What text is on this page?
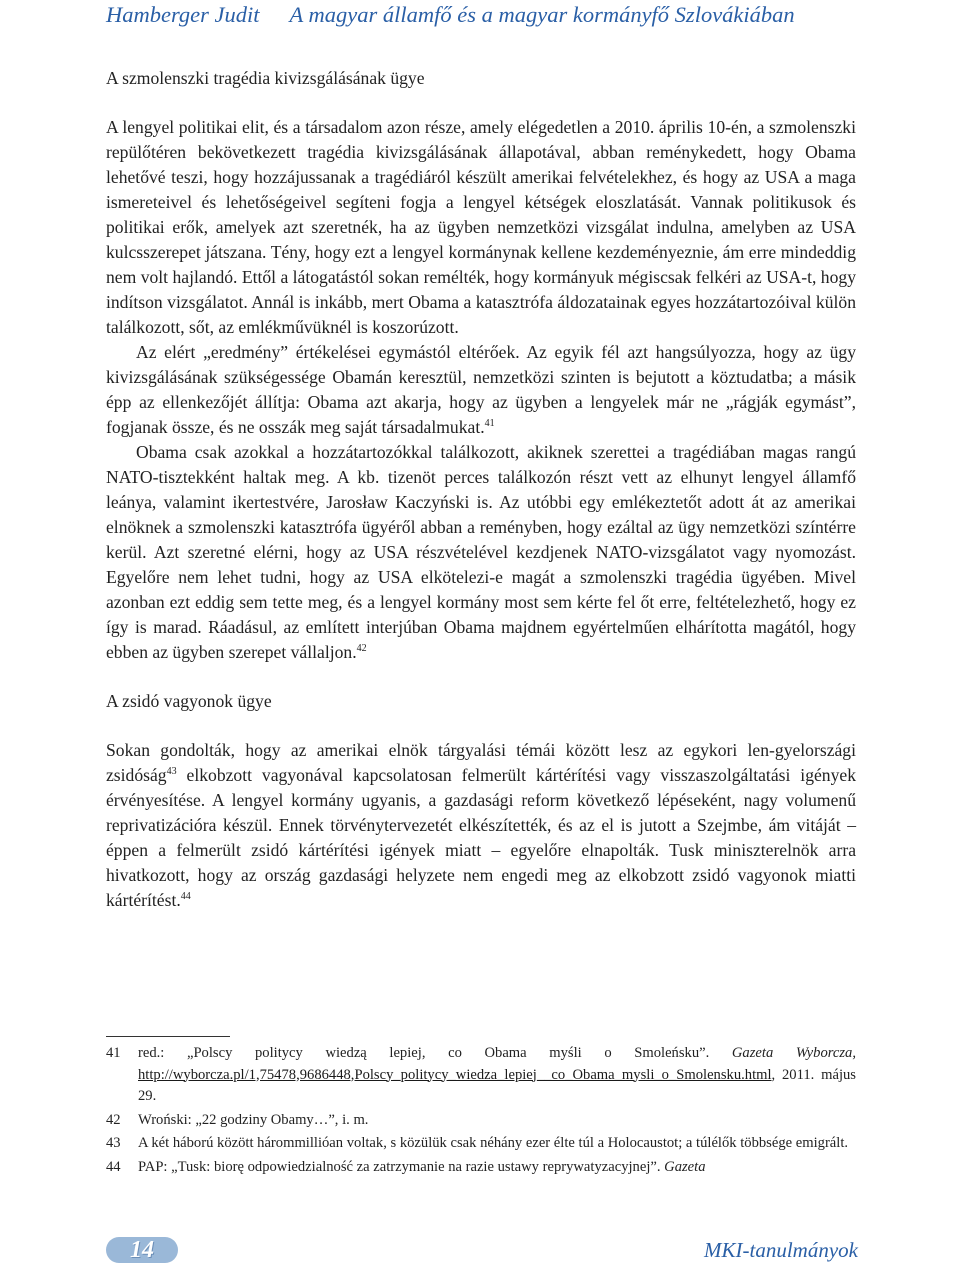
Hamberger Judit A magyar államfő és a magyar kormányfő Szlovákiában
A szmolenszki tragédia kivizsgálásának ügye

A lengyel politikai elit, és a társadalom azon része, amely elégedetlen a 2010. április 10-én, a szmolenszki repülőtéren bekövetkezett tragédia kivizsgálásának állapotával, abban reménykedett, hogy Obama lehetővé teszi, hogy hozzájussanak a tragédiáról készült amerikai felvételekhez, és hogy az USA a maga ismereteivel és lehetőségeivel segíteni fogja a lengyel kétségek eloszlatását. Vannak politikusok és politikai erők, amelyek azt szeretnék, ha az ügyben nemzetközi vizsgálat indulna, amelyben az USA kulcsszerepet játszana. Tény, hogy ezt a lengyel kormánynak kellene kezdeményeznie, ám erre mindeddig nem volt hajlandó. Ettől a látogatástól sokan remélték, hogy kormányuk mégiscsak felkéri az USA-t, hogy indítson vizsgálatot. Annál is inkább, mert Obama a katasztrófa áldozatainak egyes hozzátartozóival külön találkozott, sőt, az emlékművüknél is koszorúzott.

Az elért „eredmény” értékelései egymástól eltérőek. Az egyik fél azt hangsúlyozza, hogy az ügy kivizsgálásának szükségessége Obamán keresztül, nemzetközi szinten is bejutott a köztudatba; a másik épp az ellenkezőjét állítja: Obama azt akarja, hogy az ügyben a lengyelek már ne „rágják egymást”, fogjanak össze, és ne osszák meg saját társadalmukat.$^{41}$

Obama csak azokkal a hozzátartozókkal találkozott, akiknek szerettei a tragédiában magas rangú NATO-tisztekként haltak meg. A kb. tizenöt perces találkozón részt vett az elhunyt lengyel államfő leánya, valamint ikertestvére, Jarosław Kaczyński is. Az utóbbi egy emlékeztetőt adott át az amerikai elnöknek a szmolenszki katasztrófa ügyéről abban a reményben, hogy ezáltal az ügy nemzetközi színtérre kerül. Azt szeretné elérni, hogy az USA részvételével kezdjenek NATO-vizsgálatot vagy nyomozást. Egyelőre nem lehet tudni, hogy az USA elkötelezi-e magát a szmolenszki tragédia ügyében. Mivel azonban ezt eddig sem tette meg, és a lengyel kormány most sem kérte fel őt erre, feltételezhető, hogy ez így is marad. Ráadásul, az említett interjúban Obama majdnem egyértelműen elhárította magától, hogy ebben az ügyben szerepet vállaljon.$^{42}$

A zsidó vagyonok ügye

Sokan gondolták, hogy az amerikai elnök tárgyalási témái között lesz az egykori len-gyelországi zsidóság$^{43}$ elkobzott vagyonával kapcsolatosan felmerült kártérítési vagy visszaszolgáltatási igények érvényesítése. A lengyel kormány ugyanis, a gazdasági reform következő lépéseként, nagy volumenű reprivatizációra készül. Ennek törvénytervezetét elkészítették, és az el is jutott a Szejmbe, ám vitáját – éppen a felmerült zsidó kártérítési igények miatt – egyelőre elnapolták. Tusk miniszterelnök arra hivatkozott, hogy az ország gazdasági helyzete nem engedi meg az elkobzott zsidó vagyonok miatti kártérítést.$^{44}$

41	red.: „Polscy politycy wiedzą lepiej, co Obama myśli o Smoleńsku”. Gazeta Wyborcza, http://wyborcza.pl/1,75478,9686448,Polscy_politycy_wiedza_lepiej__co_Obama_mysli_o_Smolensku.html, 2011. május 29.
42	Wroński: „22 godziny Obamy…”, i. m.
43	A két háború között hárommillióan voltak, s közülük csak néhány ezer élte túl a Holocaustot; a túlélők többsége emigrált.
44	PAP: „Tusk: biorę odpowiedzialność za zatrzymanie na razie ustawy reprywatyzacyjnej”. Gazeta
14	MKI-tanulmányok
